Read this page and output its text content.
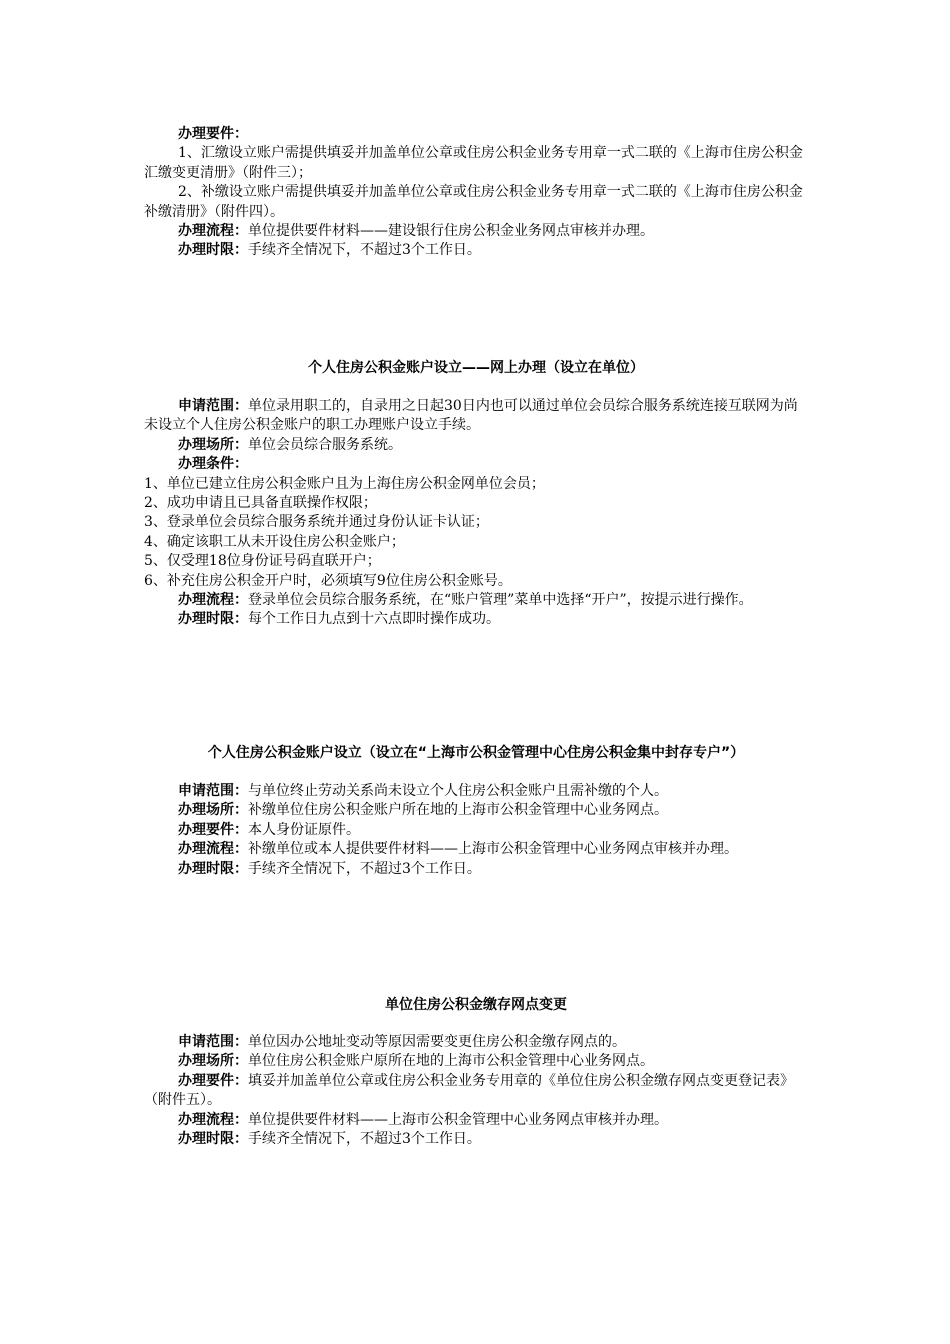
办理要件：

1、汇缴设立账户需提供填妥并加盖单位公章或住房公积金业务专用章一式二联的《上海市住房公积金汇缴变更清册》（附件三）；

2、补缴设立账户需提供填妥并加盖单位公章或住房公积金业务专用章一式二联的《上海市住房公积金补缴清册》（附件四）。

办理流程：单位提供要件材料——建设银行住房公积金业务网点审核并办理。

办理时限：手续齐全情况下，不超过3个工作日。

个人住房公积金账户设立——网上办理（设立在单位）

申请范围：单位录用职工的，自录用之日起30日内也可以通过单位会员综合服务系统连接互联网为尚未设立个人住房公积金账户的职工办理账户设立手续。

办理场所：单位会员综合服务系统。

办理条件：

1、单位已建立住房公积金账户且为上海住房公积金网单位会员；

2、成功申请且已具备直联操作权限；

3、登录单位会员综合服务系统并通过身份认证卡认证；

4、确定该职工从未开设住房公积金账户；

5、仅受理18位身份证号码直联开户；

6、补充住房公积金开户时，必须填写9位住房公积金账号。

办理流程：登录单位会员综合服务系统，在“账户管理”菜单中选择“开户”，按提示进行操作。

办理时限：每个工作日九点到十六点即时操作成功。

个人住房公积金账户设立（设立在“上海市公积金管理中心住房公积金集中封存专户”）

申请范围：与单位终止劳动关系尚未设立个人住房公积金账户且需补缴的个人。

办理场所：补缴单位住房公积金账户所在地的上海市公积金管理中心业务网点。

办理要件：本人身份证原件。

办理流程：补缴单位或本人提供要件材料——上海市公积金管理中心业务网点审核并办理。

办理时限：手续齐全情况下，不超过3个工作日。

单位住房公积金缴存网点变更

申请范围：单位因办公地址变动等原因需要变更住房公积金缴存网点的。

办理场所：单位住房公积金账户原所在地的上海市公积金管理中心业务网点。

办理要件：填妥并加盖单位公章或住房公积金业务专用章的《单位住房公积金缴存网点变更登记表》（附件五）。

办理流程：单位提供要件材料——上海市公积金管理中心业务网点审核并办理。

办理时限：手续齐全情况下，不超过3个工作日。
